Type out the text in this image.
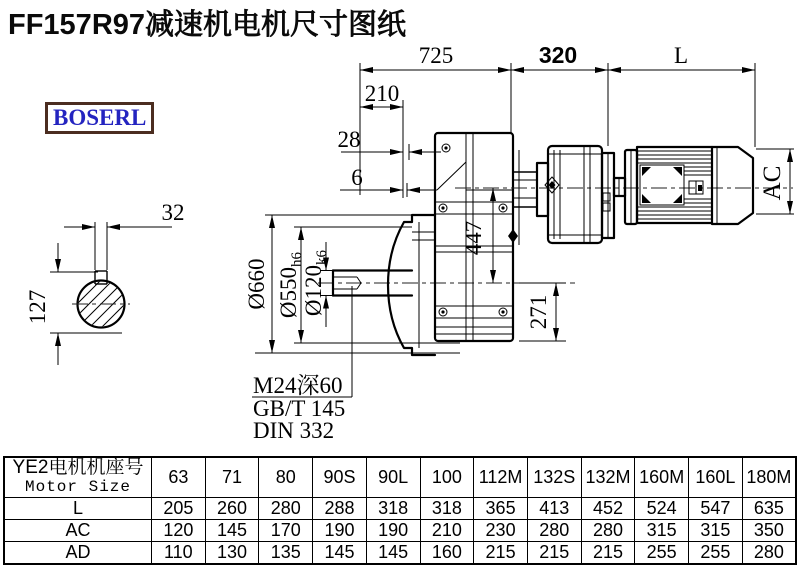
FF157R97减速机电机尺寸图纸
BOSERL
32
127
725	320	L
210
28
6
Ø660 $Ø550_{h6}$
$Ø120_{k6}$
447
271
AC
M24深60
GB/T 145
DIN 332
YE2电机机座号
Motor Size	63	71	80	90S	90L	100	112M	132S	132M	160M	160L	180M
L	205	260	280	288	318	318	365	413	452	524	547	635
AC	120	145	170	190	190	210	230	280	280	315	315	350
AD	110	130	135	145	145	160	215	215	215	255	255	280
